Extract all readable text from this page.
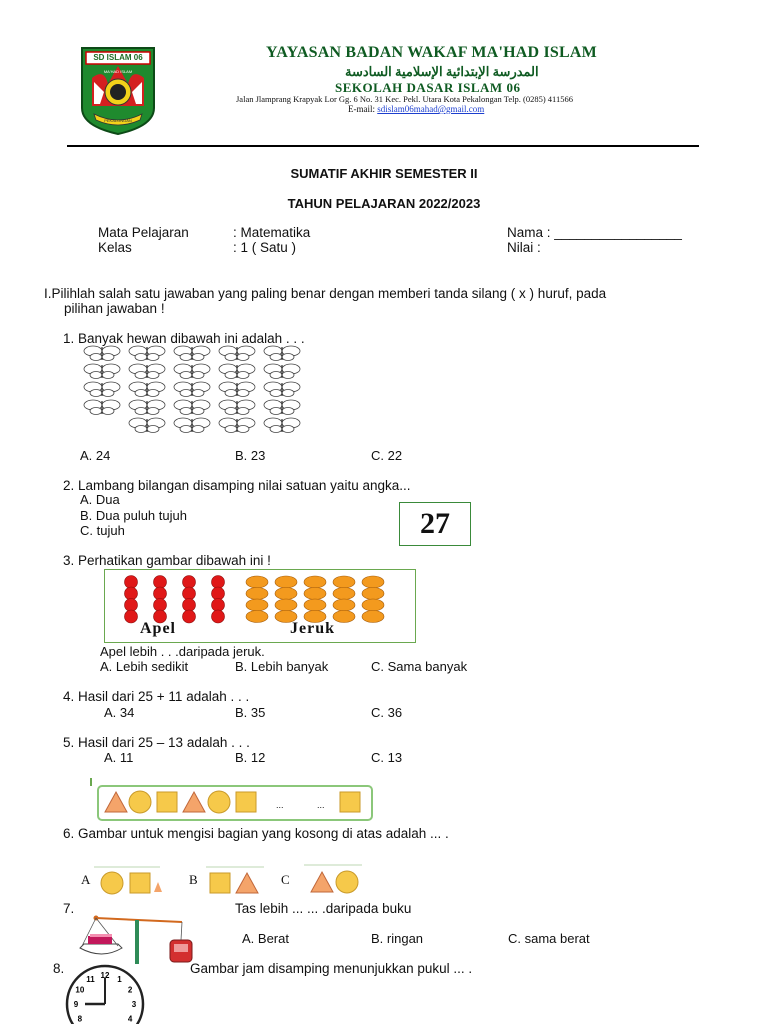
SD ISLAM 06
MA'HAD ISLAM
PEKALONGAN
YAYASAN BADAN WAKAF MA'HAD ISLAM
المدرسة الإبتدائية الإسلامية السادسة
SEKOLAH DASAR ISLAM 06
Jalan Jlamprang Krapyak Lor Gg. 6 No. 31 Kec. Pekl. Utara Kota Pekalongan Telp. (0285) 411566
E-mail: sdislam06mahad@gmail.com
SUMATIF AKHIR SEMESTER II
TAHUN PELAJARAN 2022/2023
Mata Pelajaran	: Matematika
Kelas	: 1 ( Satu )
Nama : _________________
Nilai :
I.Pilihlah salah satu jawaban yang paling benar dengan memberi tanda silang ( x ) huruf, pada
pilihan jawaban !
1. Banyak hewan dibawah ini adalah . . .
A. 24	B. 23	C. 22
2. Lambang bilangan disamping nilai satuan yaitu angka...
A. Dua
B. Dua puluh tujuh
C. tujuh	27
3. Perhatikan gambar dibawah ini !
Apel	Jeruk
Apel lebih . . .daripada jeruk.
A. Lebih sedikit	B. Lebih banyak	C. Sama banyak
4. Hasil dari 25 + 11 adalah . . .
A. 34	B. 35	C. 36
5. Hasil dari 25 – 13 adalah . . .
A. 11	B. 12	C. 13
...	...
6. Gambar untuk mengisi bagian yang kosong di atas adalah ... .
A	B	C
7.	Tas lebih ... ... .daripada buku
A. Berat	B. ringan	C. sama berat
8.
11 12 1
10	2
9	3
8	4
Gambar jam disamping menunjukkan pukul ... .
